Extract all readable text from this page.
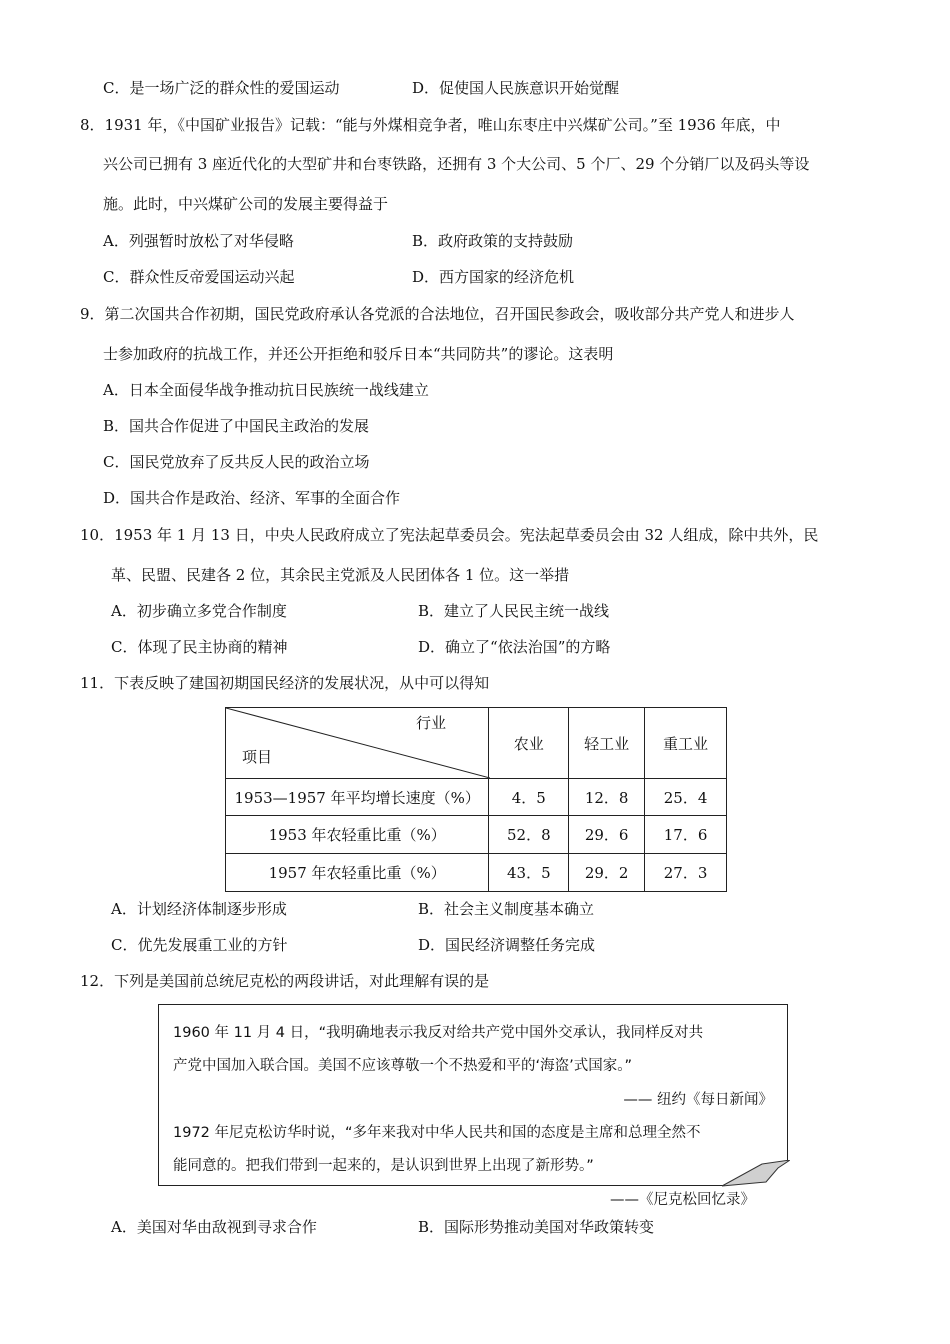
C．是一场广泛的群众性的爱国运动	D．促使国人民族意识开始觉醒
8．1931 年，《中国矿业报告》记载：“能与外煤相竞争者，唯山东枣庄中兴煤矿公司。”至 1936 年底，中
兴公司已拥有 3 座近代化的大型矿井和台枣铁路，还拥有 3 个大公司、5 个厂、29 个分销厂以及码头等设
施。此时，中兴煤矿公司的发展主要得益于
A．列强暂时放松了对华侵略	B．政府政策的支持鼓励
C．群众性反帝爱国运动兴起	D．西方国家的经济危机
9．第二次国共合作初期，国民党政府承认各党派的合法地位，召开国民参政会，吸收部分共产党人和进步人
士参加政府的抗战工作，并还公开拒绝和驳斥日本“共同防共”的谬论。这表明
A．日本全面侵华战争推动抗日民族统一战线建立
B．国共合作促进了中国民主政治的发展
C．国民党放弃了反共反人民的政治立场
D．国共合作是政治、经济、军事的全面合作
10．1953 年 1 月 13 日，中央人民政府成立了宪法起草委员会。宪法起草委员会由 32 人组成，除中共外，民
革、民盟、民建各 2 位，其余民主党派及人民团体各 1 位。这一举措
A．初步确立多党合作制度	B．建立了人民民主统一战线
C．体现了民主协商的精神	D．确立了“依法治国”的方略
11．下表反映了建国初期国民经济的发展状况，从中可以得知
行业
项目	农业	轻工业	重工业
1953—1957 年平均增长速度（%）	4．5	12．8	25．4
1953 年农轻重比重（%）	52．8	29．6	17．6
1957 年农轻重比重（%）	43．5	29．2	27．3
A．计划经济体制逐步形成	B．社会主义制度基本确立
C．优先发展重工业的方针	D．国民经济调整任务完成
12．下列是美国前总统尼克松的两段讲话，对此理解有误的是
1960 年 11 月 4 日，“我明确地表示我反对给共产党中国外交承认，我同样反对共
产党中国加入联合国。美国不应该尊敬一个不热爱和平的‘海盗’式国家。”
—— 纽约《每日新闻》
1972 年尼克松访华时说，“多年来我对中华人民共和国的态度是主席和总理全然不
能同意的。把我们带到一起来的，是认识到世界上出现了新形势。”
——《尼克松回忆录》
A．美国对华由敌视到寻求合作	B．国际形势推动美国对华政策转变
